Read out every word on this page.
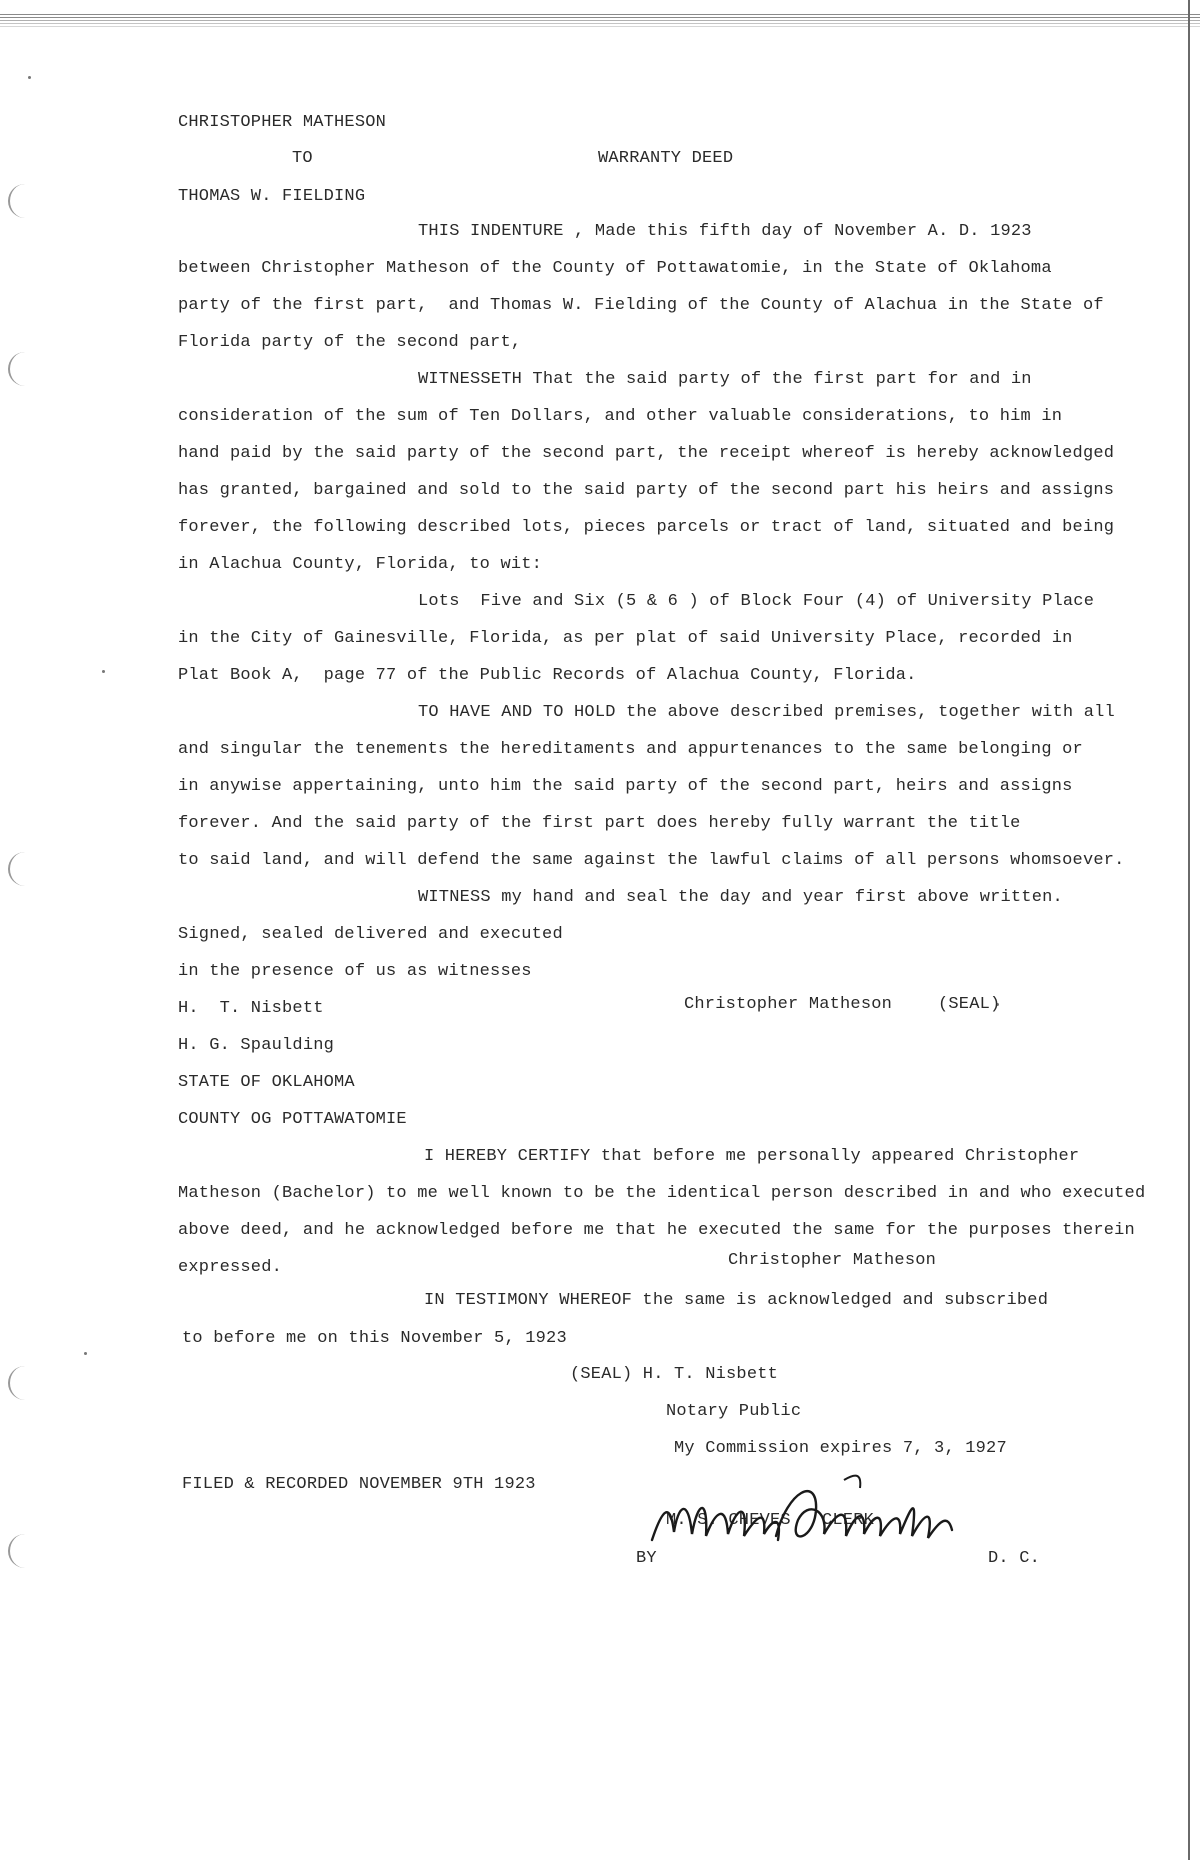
CHRISTOPHER MATHESON
TO	WARRANTY DEED
THOMAS W. FIELDING
THIS INDENTURE , Made this fifth day of November A. D. 1923
between Christopher Matheson of the County of Pottawatomie, in the State of Oklahoma
party of the first part,  and Thomas W. Fielding of the County of Alachua in the State of
Florida party of the second part,
WITNESSETH That the said party of the first part for and in
consideration of the sum of Ten Dollars, and other valuable considerations, to him in
hand paid by the said party of the second part, the receipt whereof is hereby acknowledged
has granted, bargained and sold to the said party of the second part his heirs and assigns
forever, the following described lots, pieces parcels or tract of land, situated and being
in Alachua County, Florida, to wit:
Lots  Five and Six (5 & 6 ) of Block Four (4) of University Place
in the City of Gainesville, Florida, as per plat of said University Place, recorded in
Plat Book A,  page 77 of the Public Records of Alachua County, Florida.
TO HAVE AND TO HOLD the above described premises, together with all
and singular the tenements the hereditaments and appurtenances to the same belonging or
in anywise appertaining, unto him the said party of the second part, heirs and assigns
forever. And the said party of the first part does hereby fully warrant the title
to said land, and will defend the same against the lawful claims of all persons whomsoever.
WITNESS my hand and seal the day and year first above written.
Signed, sealed delivered and executed
in the presence of us as witnesses
H.  T. Nisbett	Christopher Matheson	(SEAL)
H. G. Spaulding
STATE OF OKLAHOMA
COUNTY OG POTTAWATOMIE
I HEREBY CERTIFY that before me personally appeared Christopher
Matheson (Bachelor) to me well known to be the identical person described in and who executed
above deed, and he acknowledged before me that he executed the same for the purposes therein
expressed.	Christopher Matheson
IN TESTIMONY WHEREOF the same is acknowledged and subscribed
to before me on this November 5, 1923
(SEAL) H. T. Nisbett
Notary Public
My Commission expires 7, 3, 1927
FILED & RECORDED NOVEMBER 9TH 1923
M. S. CHEVES   CLERK
BY	D. C.
